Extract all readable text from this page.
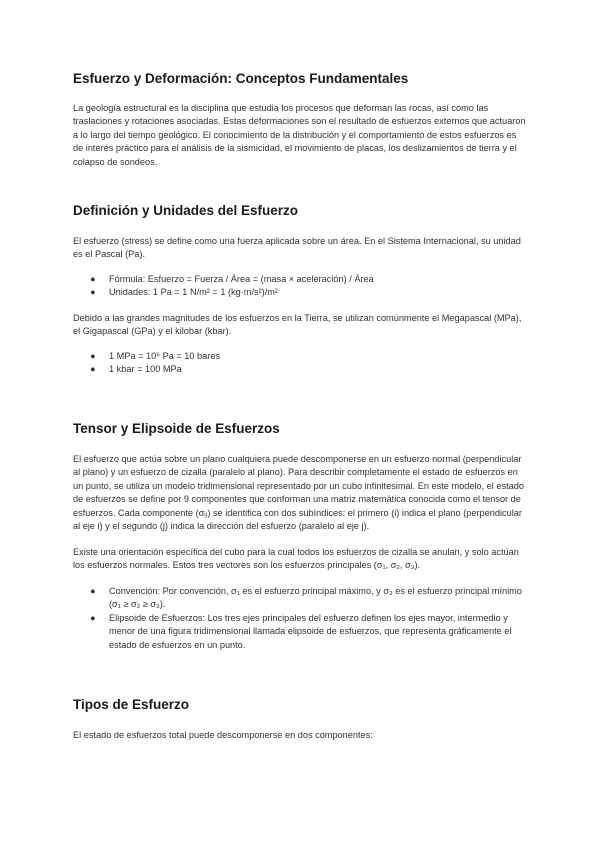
Esfuerzo y Deformación: Conceptos Fundamentales

La geología estructural es la disciplina que estudia los procesos que deforman las rocas, así como las traslaciones y rotaciones asociadas. Estas deformaciones son el resultado de esfuerzos externos que actuaron a lo largo del tiempo geológico. El conocimiento de la distribución y el comportamiento de estos esfuerzos es de interés práctico para el análisis de la sismicidad, el movimiento de placas, los deslizamientos de tierra y el colapso de sondeos.

Definición y Unidades del Esfuerzo

El esfuerzo (stress) se define como una fuerza aplicada sobre un área. En el Sistema Internacional, su unidad es el Pascal (Pa).

● Fórmula: Esfuerzo = Fuerza / Área = (masa × aceleración) / Área
● Unidades: 1 Pa = 1 N/m² = 1 (kg·m/s²)/m²

Debido a las grandes magnitudes de los esfuerzos en la Tierra, se utilizan comúnmente el Megapascal (MPa), el Gigapascal (GPa) y el kilobar (kbar).

● 1 MPa = 10⁶ Pa = 10 bares
● 1 kbar = 100 MPa
Tensor y Elipsoide de Esfuerzos

El esfuerzo que actúa sobre un plano cualquiera puede descomponerse en un esfuerzo normal (perpendicular al plano) y un esfuerzo de cizalla (paralelo al plano). Para describir completamente el estado de esfuerzos en un punto, se utiliza un modelo tridimensional representado por un cubo infinitesimal. En este modelo, el estado de esfuerzos se define por 9 componentes que conforman una matriz matemática conocida como el tensor de esfuerzos. Cada componente (σᵢⱼ) se identifica con dos subíndices: el primero (i) indica el plano (perpendicular al eje i) y el segundo (j) indica la dirección del esfuerzo (paralelo al eje j).

Existe una orientación específica del cubo para la cual todos los esfuerzos de cizalla se anulan, y solo actúan los esfuerzos normales. Estos tres vectores son los esfuerzos principales (σ₁, σ₂, σ₃).

● Convención: Por convención, σ₁ es el esfuerzo principal máximo, y σ₃ es el esfuerzo principal mínimo (σ₁ ≥ σ₂ ≥ σ₃).
● Elipsoide de Esfuerzos: Los tres ejes principales del esfuerzo definen los ejes mayor, intermedio y menor de una figura tridimensional llamada elipsoide de esfuerzos, que representa gráficamente el estado de esfuerzos en un punto.
Tipos de Esfuerzo

El estado de esfuerzos total puede descomponerse en dos componentes:
